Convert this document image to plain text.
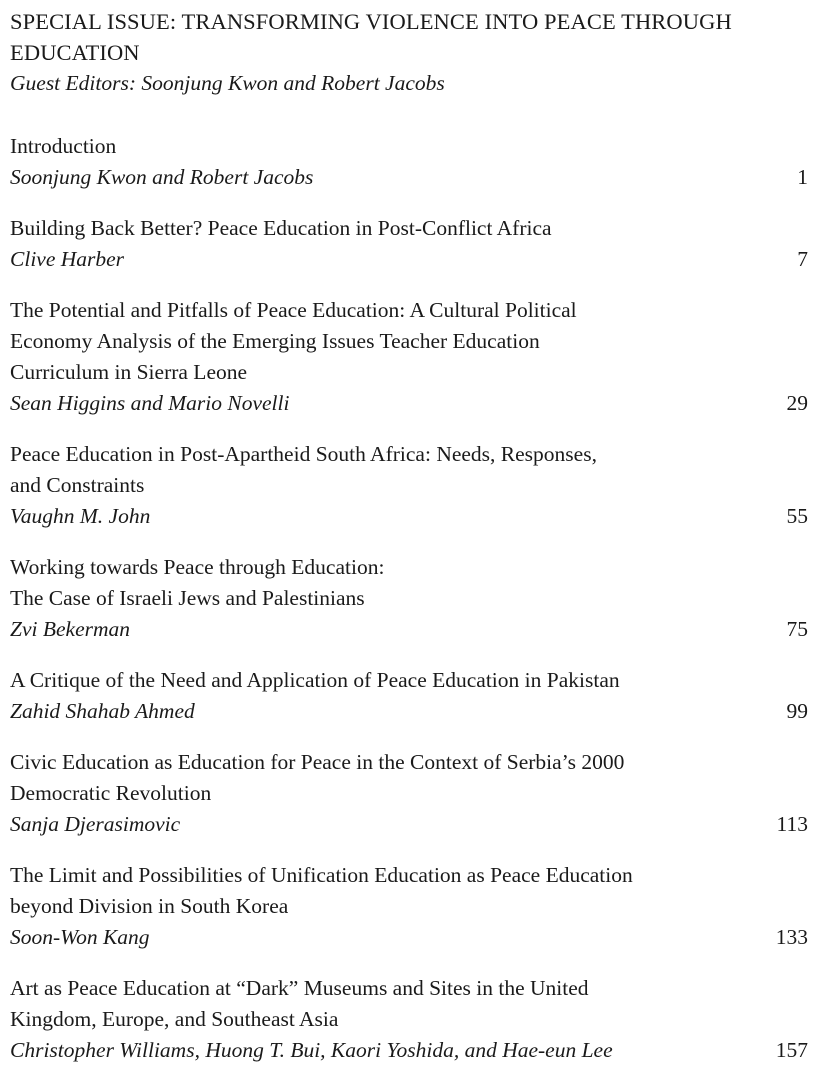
SPECIAL ISSUE: TRANSFORMING VIOLENCE INTO PEACE THROUGH
EDUCATION
Guest Editors: Soonjung Kwon and Robert Jacobs
Introduction
Soonjung Kwon and Robert Jacobs	1
Building Back Better? Peace Education in Post-Conflict Africa
Clive Harber	7
The Potential and Pitfalls of Peace Education: A Cultural Political
Economy Analysis of the Emerging Issues Teacher Education
Curriculum in Sierra Leone
Sean Higgins and Mario Novelli	29
Peace Education in Post-Apartheid South Africa: Needs, Responses,
and Constraints
Vaughn M. John	55
Working towards Peace through Education:
The Case of Israeli Jews and Palestinians
Zvi Bekerman	75
A Critique of the Need and Application of Peace Education in Pakistan
Zahid Shahab Ahmed	99
Civic Education as Education for Peace in the Context of Serbia’s 2000
Democratic Revolution
Sanja Djerasimovic	113
The Limit and Possibilities of Unification Education as Peace Education
beyond Division in South Korea
Soon-Won Kang	133
Art as Peace Education at “Dark” Museums and Sites in the United
Kingdom, Europe, and Southeast Asia
Christopher Williams, Huong T. Bui, Kaori Yoshida, and Hae-eun Lee	157
